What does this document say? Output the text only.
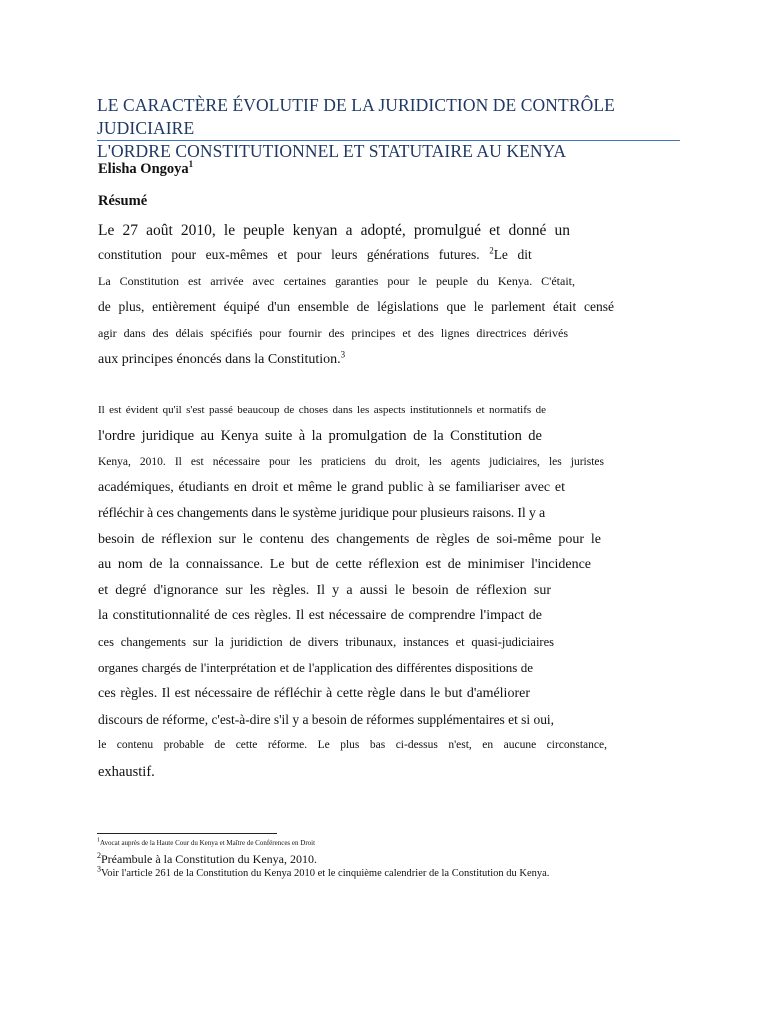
LE CARACTÈRE ÉVOLUTIF DE LA JURIDICTION DE CONTRÔLE JUDICIAIRE
L'ORDRE CONSTITUTIONNEL ET STATUTAIRE AU KENYA
Elisha Ongoya$^1$
Résumé
Le 27 août 2010, le peuple kenyan a adopté, promulgué et donné un
constitution pour eux-mêmes et pour leurs générations futures. $^2$Le dit
La Constitution est arrivée avec certaines garanties pour le peuple du Kenya. C'était,
de plus, entièrement équipé d'un ensemble de législations que le parlement était censé
agir dans des délais spécifiés pour fournir des principes et des lignes directrices dérivés
aux principes énoncés dans la Constitution.$^3$
Il est évident qu'il s'est passé beaucoup de choses dans les aspects institutionnels et normatifs de
l'ordre juridique au Kenya suite à la promulgation de la Constitution de
Kenya, 2010. Il est nécessaire pour les praticiens du droit, les agents judiciaires, les juristes
académiques, étudiants en droit et même le grand public à se familiariser avec et
réfléchir à ces changements dans le système juridique pour plusieurs raisons. Il y a
besoin de réflexion sur le contenu des changements de règles de soi-même pour le
au nom de la connaissance. Le but de cette réflexion est de minimiser l'incidence
et degré d'ignorance sur les règles. Il y a aussi le besoin de réflexion sur
la constitutionnalité de ces règles. Il est nécessaire de comprendre l'impact de
ces changements sur la juridiction de divers tribunaux, instances et quasi-judiciaires
organes chargés de l'interprétation et de l'application des différentes dispositions de
ces règles. Il est nécessaire de réfléchir à cette règle dans le but d'améliorer
discours de réforme, c'est-à-dire s'il y a besoin de réformes supplémentaires et si oui,
le contenu probable de cette réforme. Le plus bas ci-dessus n'est, en aucune circonstance,
exhaustif.
1Avocat auprès de la Haute Cour du Kenya et Maître de Conférences en Droit
$^2$Préambule à la Constitution du Kenya, 2010.
$^3$Voir l'article 261 de la Constitution du Kenya 2010 et le cinquième calendrier de la Constitution du Kenya.
